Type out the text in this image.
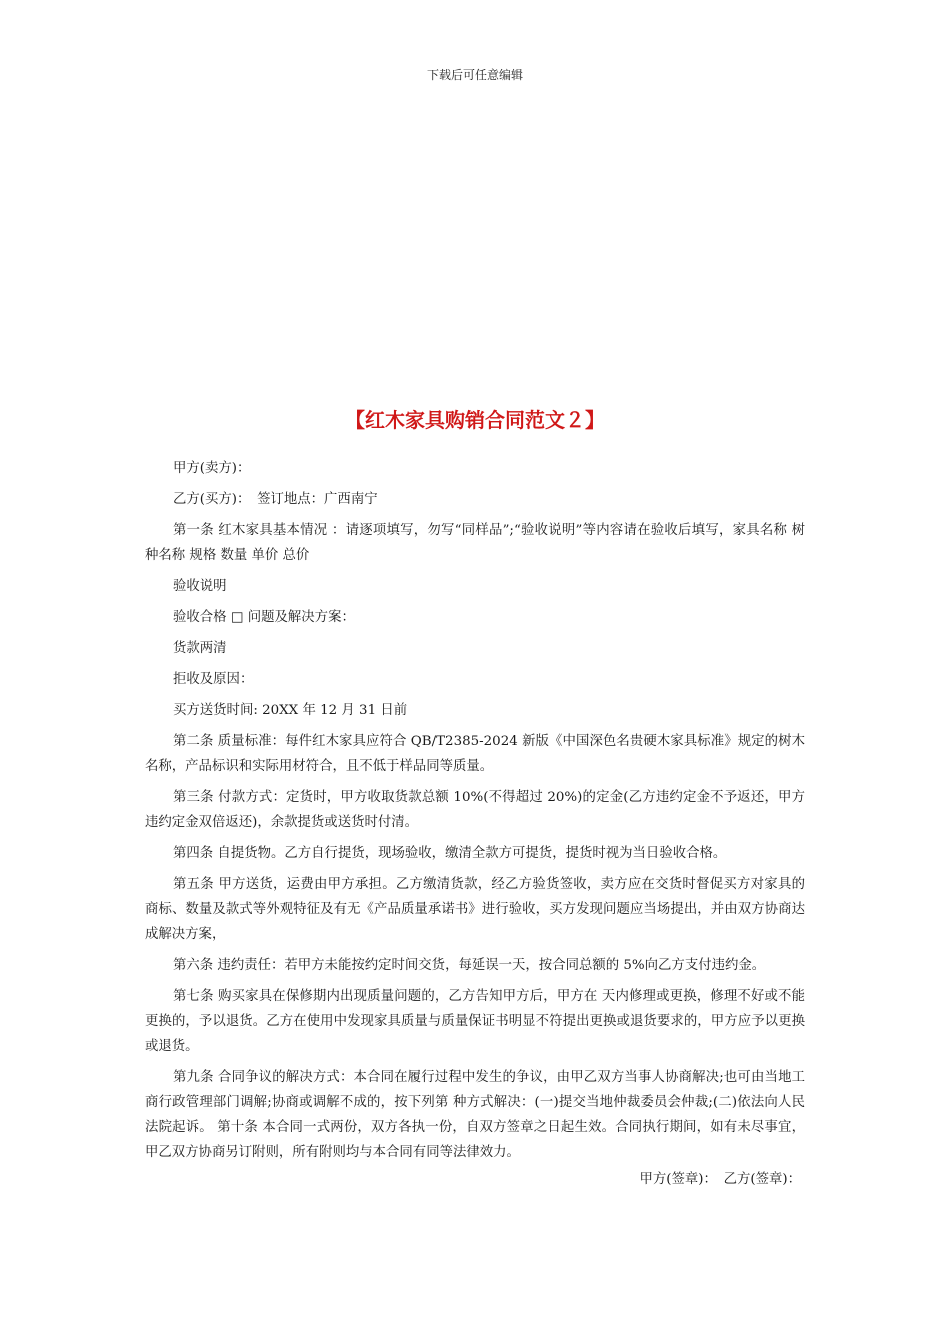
下载后可任意编辑
【红木家具购销合同范文２】

甲方(卖方)：

乙方(买方)：　签订地点：广西南宁

第一条 红木家具基本情况 ：请逐项填写，勿写“同样品”;“验收说明”等内容请在验收后填写，家具名称 树种名称 规格 数量 单价 总价

验收说明

验收合格 □ 问题及解决方案：

货款两清

拒收及原因：

买方送货时间: 20XX 年 12 月 31 日前

第二条 质量标准：每件红木家具应符合 QB/T2385-2024 新版《中国深色名贵硬木家具标准》规定的树木名称，产品标识和实际用材符合，且不低于样品同等质量。

第三条 付款方式：定货时，甲方收取货款总额 10%(不得超过 20%)的定金(乙方违约定金不予返还，甲方违约定金双倍返还)，余款提货或送货时付清。

第四条 自提货物。乙方自行提货，现场验收，缴清全款方可提货，提货时视为当日验收合格。

第五条 甲方送货，运费由甲方承担。乙方缴清货款，经乙方验货签收，卖方应在交货时督促买方对家具的商标、数量及款式等外观特征及有无《产品质量承诺书》进行验收，买方发现问题应当场提出，并由双方协商达成解决方案，

第六条 违约责任：若甲方未能按约定时间交货，每延误一天，按合同总额的 5%向乙方支付违约金。

第七条 购买家具在保修期内出现质量问题的，乙方告知甲方后，甲方在 天内修理或更换，修理不好或不能更换的，予以退货。乙方在使用中发现家具质量与质量保证书明显不符提出更换或退货要求的，甲方应予以更换或退货。

第九条 合同争议的解决方式：本合同在履行过程中发生的争议，由甲乙双方当事人协商解决;也可由当地工商行政管理部门调解;协商或调解不成的，按下列第 种方式解决：(一)提交当地仲裁委员会仲裁;(二)依法向人民法院起诉。 第十条 本合同一式两份，双方各执一份，自双方签章之日起生效。合同执行期间，如有未尽事宜，甲乙双方协商另订附则，所有附则均与本合同有同等法律效力。

甲方(签章)：　乙方(签章)：
